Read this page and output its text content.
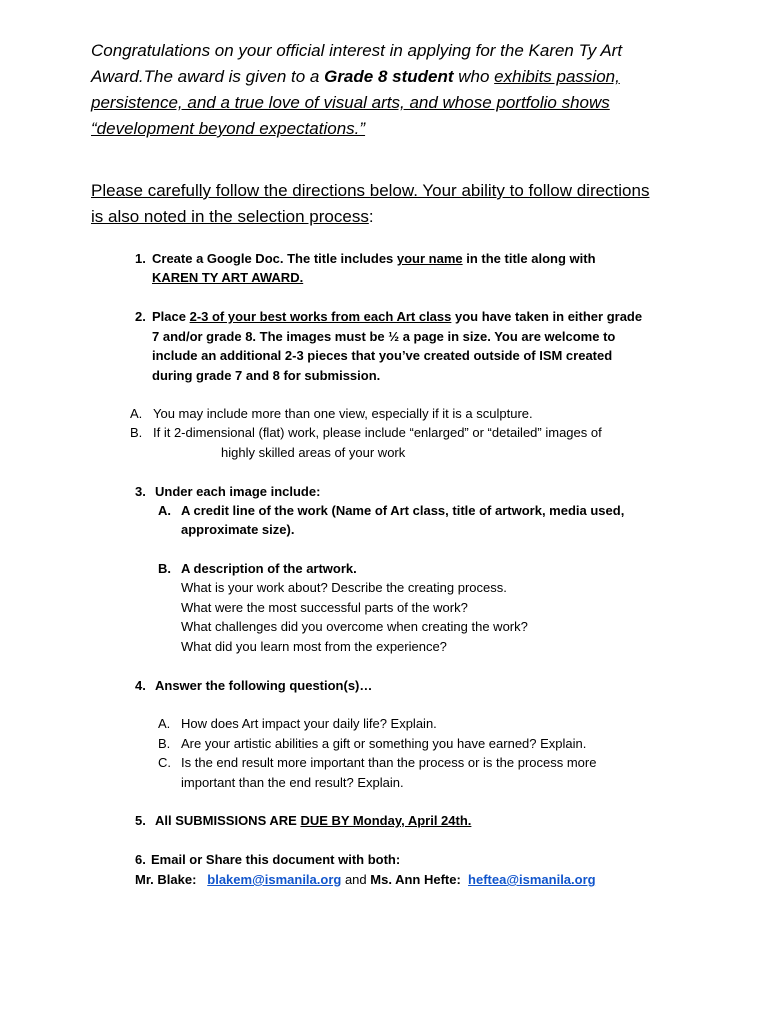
Congratulations on your official interest in applying for the Karen Ty Art Award.The award is given to a Grade 8 student who exhibits passion,
persistence, and a true love of visual arts, and whose portfolio shows
“development beyond expectations.”
Please carefully follow the directions below. Your ability to follow directions
is also noted in the selection process:
1. Create a Google Doc. The title includes your name in the title along with
KAREN TY ART AWARD.
2. Place 2-3 of your best works from each Art class you have taken in either grade
7 and/or grade 8. The images must be ½ a page in size. You are welcome to
include an additional 2-3 pieces that you’ve created outside of ISM created
during grade 7 and 8 for submission.
A. You may include more than one view, especially if it is a sculpture.
B. If it 2-dimensional (flat) work, please include “enlarged” or “detailed” images of
highly skilled areas of your work
3. Under each image include:
A. A credit line of the work (Name of Art class, title of artwork, media used,
approximate size).
B. A description of the artwork.
What is your work about? Describe the creating process.
What were the most successful parts of the work?
What challenges did you overcome when creating the work?
What did you learn most from the experience?
4. Answer the following question(s)…
A. How does Art impact your daily life? Explain.
B. Are your artistic abilities a gift or something you have earned? Explain.
C. Is the end result more important than the process or is the process more
important than the end result? Explain.
5. All SUBMISSIONS ARE DUE BY Monday, April 24th.
6. Email or Share this document with both:
Mr. Blake: blakem@ismanila.org and Ms. Ann Hefte: heftea@ismanila.org
